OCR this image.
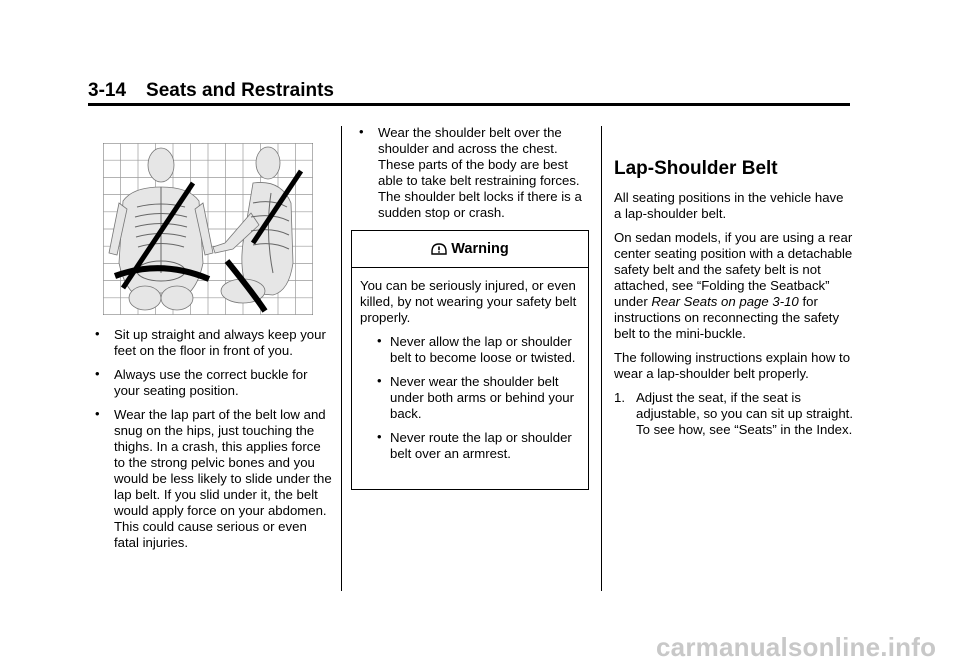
3-14 Seats and Restraints
• Sit up straight and always keep your feet on the floor in front of you.
• Always use the correct buckle for your seating position.
• Wear the lap part of the belt low and snug on the hips, just touching the thighs. In a crash, this applies force to the strong pelvic bones and you would be less likely to slide under the lap belt. If you slid under it, the belt would apply force on your abdomen. This could cause serious or even fatal injuries.
• Wear the shoulder belt over the shoulder and across the chest. These parts of the body are best able to take belt restraining forces. The shoulder belt locks if there is a sudden stop or crash.
Warning

You can be seriously injured, or even killed, by not wearing your safety belt properly.

• Never allow the lap or shoulder belt to become loose or twisted.
• Never wear the shoulder belt under both arms or behind your back.
• Never route the lap or shoulder belt over an armrest.
Lap-Shoulder Belt

All seating positions in the vehicle have a lap-shoulder belt.

On sedan models, if you are using a rear center seating position with a detachable safety belt and the safety belt is not attached, see “Folding the Seatback” under Rear Seats on page 3-10 for instructions on reconnecting the safety belt to the mini-buckle.

The following instructions explain how to wear a lap-shoulder belt properly.

1. Adjust the seat, if the seat is adjustable, so you can sit up straight. To see how, see “Seats” in the Index.
carmanualsonline.info
